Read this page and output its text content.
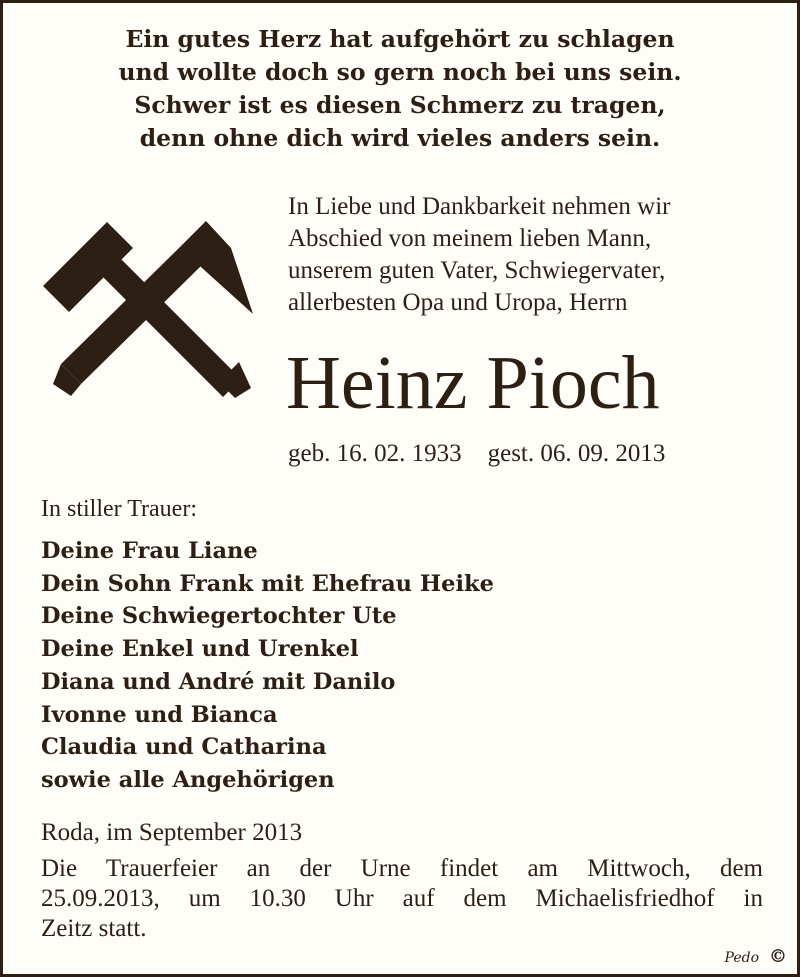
Ein gutes Herz hat aufgehört zu schlagen
und wollte doch so gern noch bei uns sein.
Schwer ist es diesen Schmerz zu tragen,
denn ohne dich wird vieles anders sein.
In Liebe und Dankbarkeit nehmen wir
Abschied von meinem lieben Mann,
unserem guten Vater, Schwiegervater,
allerbesten Opa und Uropa, Herrn
Heinz Pioch
geb. 16. 02. 1933 gest. 06. 09. 2013
In stiller Trauer:
Deine Frau Liane
Dein Sohn Frank mit Ehefrau Heike
Deine Schwiegertochter Ute
Deine Enkel und Urenkel
Diana und André mit Danilo
Ivonne und Bianca
Claudia und Catharina
sowie alle Angehörigen
Roda, im September 2013
Die Trauerfeier an der Urne findet am Mittwoch, dem
25.09.2013, um 10.30 Uhr auf dem Michaelisfriedhof in
Zeitz statt.
Pedo ©
